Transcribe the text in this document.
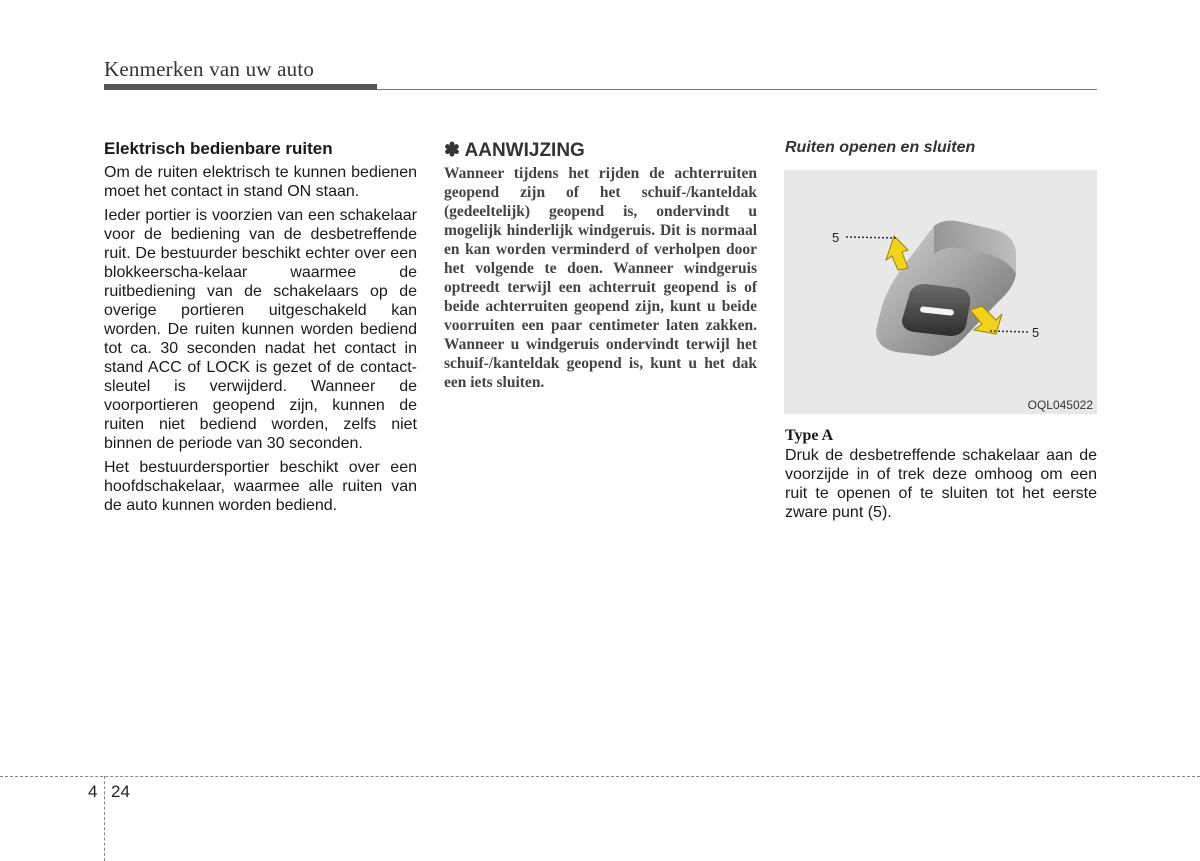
Kenmerken van uw auto
Elektrisch bedienbare ruiten

Om de ruiten elektrisch te kunnen bedienen moet het contact in stand ON staan.

Ieder portier is voorzien van een schakelaar voor de bediening van de desbetreffende ruit. De bestuurder beschikt echter over een blokkeerscha-kelaar waarmee de ruitbediening van de schakelaars op de overige portieren uitgeschakeld kan worden. De ruiten kunnen worden bediend tot ca. 30 seconden nadat het contact in stand ACC of LOCK is gezet of de contact-sleutel is verwijderd. Wanneer de voorportieren geopend zijn, kunnen de ruiten niet bediend worden, zelfs niet binnen de periode van 30 seconden.

Het bestuurdersportier beschikt over een hoofdschakelaar, waarmee alle ruiten van de auto kunnen worden bediend.

✽ AANWIJZING

Wanneer tijdens het rijden de achterruiten geopend zijn of het schuif-/kanteldak (gedeeltelijk) geopend is, ondervindt u mogelijk hinderlijk windgeruis. Dit is normaal en kan worden verminderd of verholpen door het volgende te doen. Wanneer windgeruis optreedt terwijl een achterruit geopend is of beide achterruiten geopend zijn, kunt u beide voorruiten een paar centimeter laten zakken. Wanneer u windgeruis ondervindt terwijl het schuif-/kanteldak geopend is, kunt u het dak een iets sluiten.

Ruiten openen en sluiten
5
5
OQL045022
Type A

Druk de desbetreffende schakelaar aan de voorzijde in of trek deze omhoog om een ruit te openen of te sluiten tot het eerste zware punt (5).

4 24
